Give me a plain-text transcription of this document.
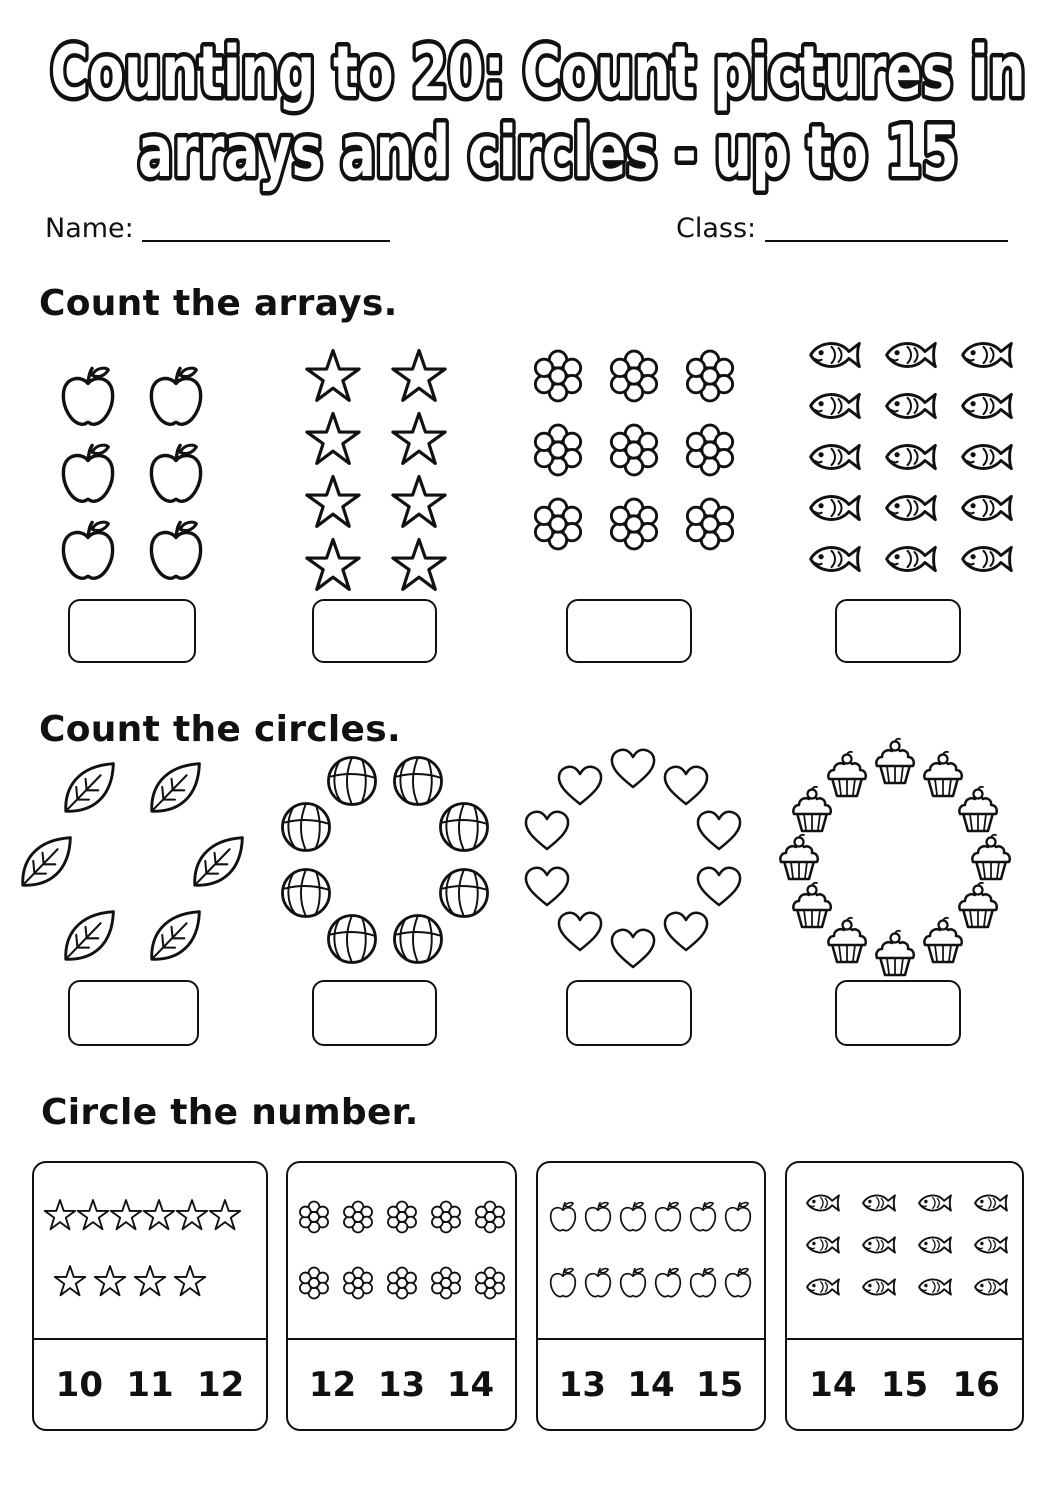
Counting to 20: Count pictures in
arrays and circles - up to 15
Name:	Class:
Count the arrays.
Count the circles.
Circle the number.
10 11 12 12 13 14 13 14 15 14 15 16
